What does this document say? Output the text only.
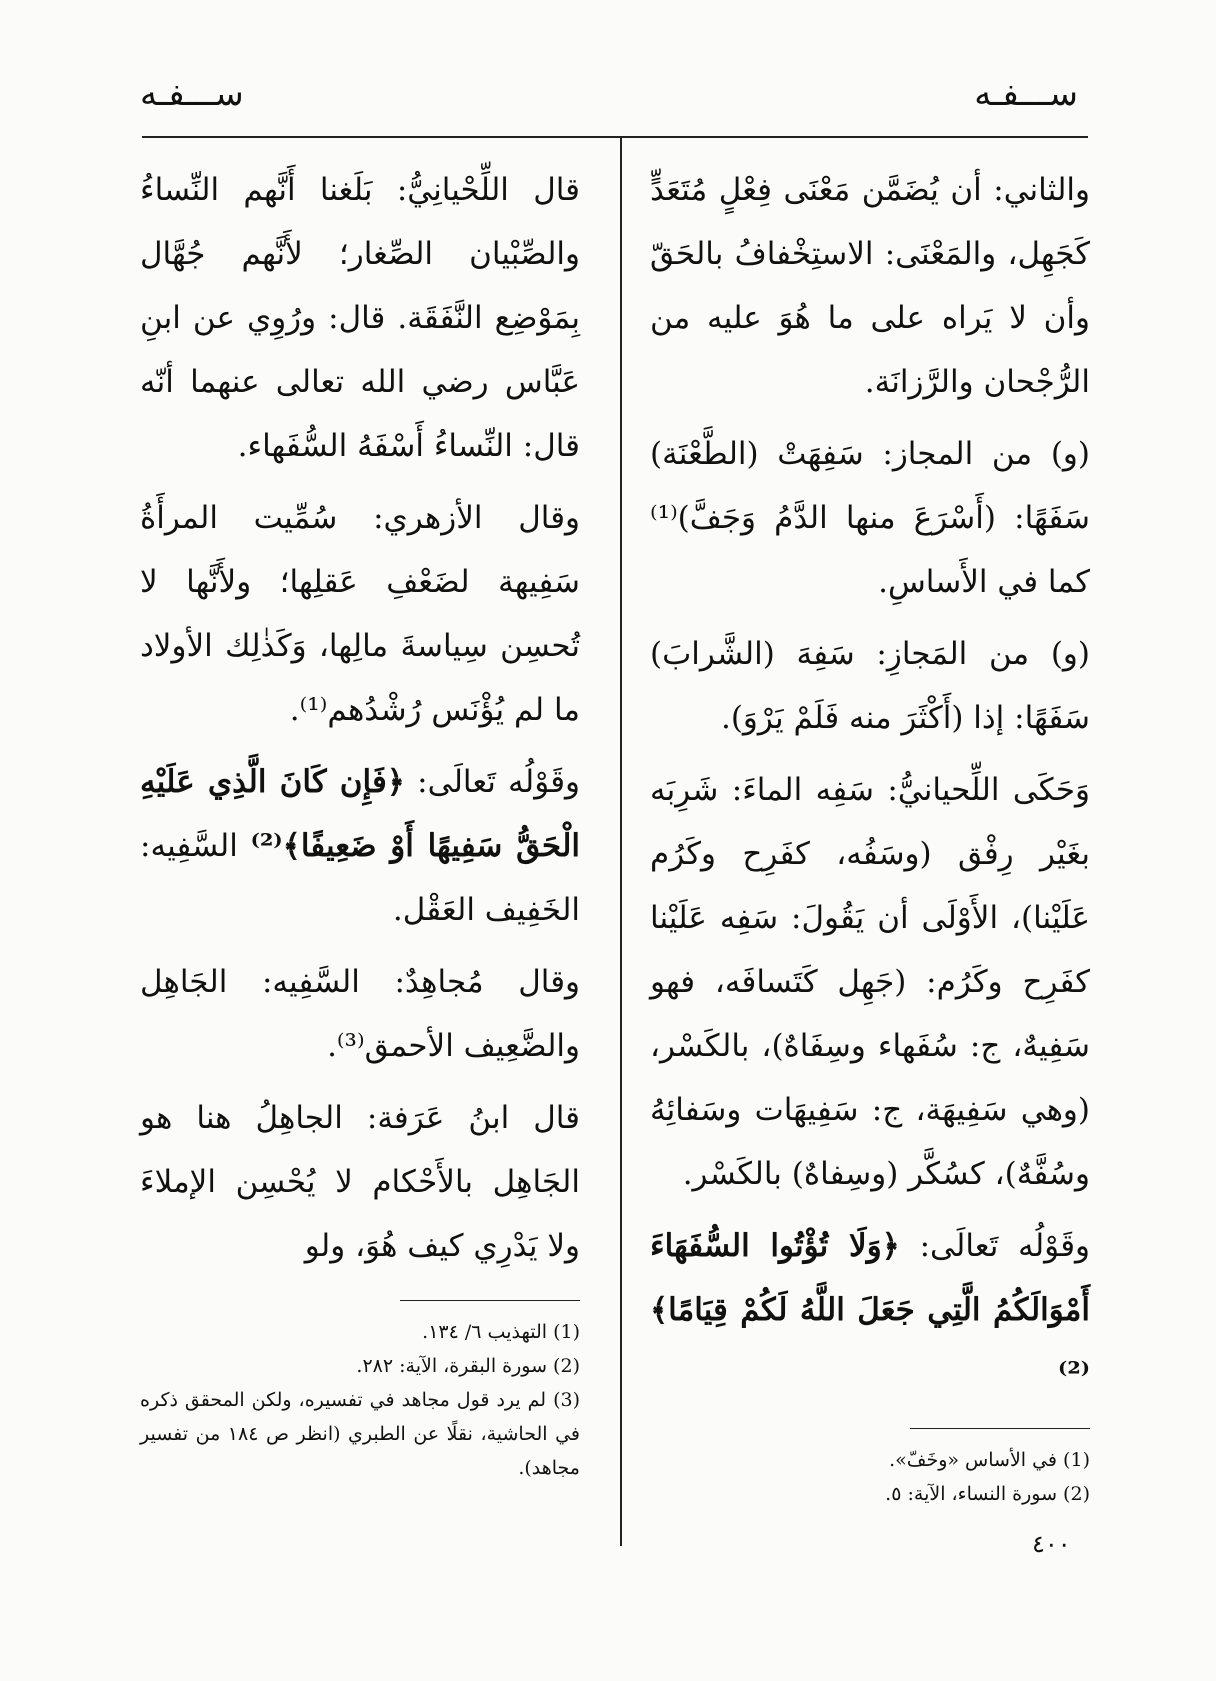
ســـفـه
ســـفـه

والثاني: أن يُضَمَّن مَعْنَى فِعْلٍ مُتَعَدٍّ كَجَهِل، والمَعْنَى: الاستِخْفافُ بالحَقّ وأن لا يَراه على ما هُوَ عليه من الرُّجْحان والرَّزانَة.

(و) من المجاز: سَفِهَتْ (الطَّعْنَة) سَفَهًا: (أَسْرَعَ منها الدَّمُ وَجَفَّ)⁽¹⁾ كما في الأَساسِ.

(و) من المَجازِ: سَفِهَ (الشَّرابَ) سَفَهًا: إذا (أَكْثَرَ منه فَلَمْ يَرْوَ).

وَحَكَى اللِّحيانيُّ: سَفِه الماءَ: شَرِبَه بغَيْر رِفْق (وسَفُه، كفَرِح وكَرُم عَلَيْنا)، الأَوْلَى أن يَقُولَ: سَفِه عَلَيْنا كفَرِح وكَرُم: (جَهِل كَتَسافَه، فهو سَفِيهٌ، ج: سُفَهاء وسِفَاهٌ)، بالكَسْر، (وهي سَفِيهَة، ج: سَفِيهَات وسَفائِهُ وسُفَّهٌ)، كسُكَّر (وسِفاهٌ) بالكَسْر.

وقَوْلُه تَعالَى: ﴿وَلَا تُؤْتُوا السُّفَهَاءَ أَمْوَالَكُمُ الَّتِي جَعَلَ اللَّهُ لَكُمْ قِيَامًا﴾⁽²⁾

(1) في الأساس «وخَفّ».

(2) سورة النساء، الآية: ٥.

قال اللِّحْيانِيُّ: بَلَغنا أَنَّهم النِّساءُ والصِّبْيان الصِّغار؛ لأَنَّهم جُهَّال بِمَوْضِع النَّفَقَة. قال: ورُوِي عن ابنِ عَبَّاس رضي الله تعالى عنهما أنّه قال: النِّساءُ أَسْفَهُ السُّفَهاء.

وقال الأزهري: سُمِّيت المرأَةُ سَفِيهة لضَعْفِ عَقلِها؛ ولأَنَّها لا تُحسِن سِياسةَ مالِها، وَكَذٰلِك الأولاد ما لم يُؤْنَس رُشْدُهم⁽¹⁾.

وقَوْلُه تَعالَى: ﴿فَإِن كَانَ الَّذِي عَلَيْهِ الْحَقُّ سَفِيهًا أَوْ ضَعِيفًا﴾⁽²⁾ السَّفِيه: الخَفِيف العَقْل.

وقال مُجاهِدٌ: السَّفِيه: الجَاهِل والضَّعِيف الأحمق⁽³⁾.

قال ابنُ عَرَفة: الجاهِلُ هنا هو الجَاهِل بالأَحْكام لا يُحْسِن الإملاءَ ولا يَدْرِي كيف هُوَ، ولو

(1) التهذيب ٦/ ١٣٤.

(2) سورة البقرة، الآية: ٢٨٢.

(3) لم يرد قول مجاهد في تفسيره، ولكن المحقق ذكره في الحاشية، نقلًا عن الطبري (انظر ص ١٨٤ من تفسير مجاهد).

٤٠٠
